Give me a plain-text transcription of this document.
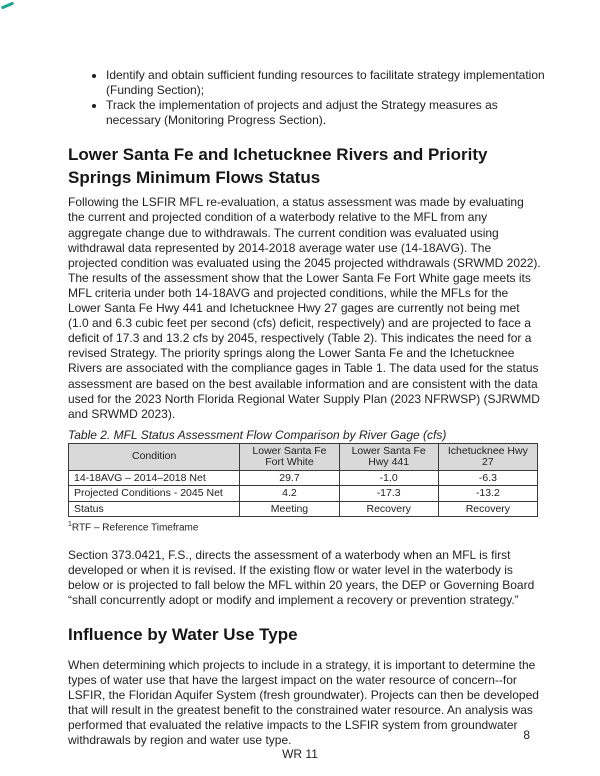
• Identify and obtain sufficient funding resources to facilitate strategy implementation (Funding Section);
• Track the implementation of projects and adjust the Strategy measures as necessary (Monitoring Progress Section).
Lower Santa Fe and Ichetucknee Rivers and Priority Springs Minimum Flows Status

Following the LSFIR MFL re-evaluation, a status assessment was made by evaluating the current and projected condition of a waterbody relative to the MFL from any aggregate change due to withdrawals. The current condition was evaluated using withdrawal data represented by 2014-2018 average water use (14-18AVG). The projected condition was evaluated using the 2045 projected withdrawals (SRWMD 2022). The results of the assessment show that the Lower Santa Fe Fort White gage meets its MFL criteria under both 14-18AVG and projected conditions, while the MFLs for the Lower Santa Fe Hwy 441 and Ichetucknee Hwy 27 gages are currently not being met (1.0 and 6.3 cubic feet per second (cfs) deficit, respectively) and are projected to face a deficit of 17.3 and 13.2 cfs by 2045, respectively (Table 2). This indicates the need for a revised Strategy. The priority springs along the Lower Santa Fe and the Ichetucknee Rivers are associated with the compliance gages in Table 1. The data used for the status assessment are based on the best available information and are consistent with the data used for the 2023 North Florida Regional Water Supply Plan (2023 NFRWSP) (SJRWMD and SRWMD 2023).

Table 2. MFL Status Assessment Flow Comparison by River Gage (cfs)

Condition	Lower Santa Fe Fort White	Lower Santa Fe Hwy 441	Ichetucknee Hwy 27
14-18AVG – 2014–2018 Net	29.7	-1.0	-6.3
Projected Conditions - 2045 Net	4.2	-17.3	-13.2
Status	Meeting	Recovery	Recovery

$^1$RTF – Reference Timeframe

Section 373.0421, F.S., directs the assessment of a waterbody when an MFL is first developed or when it is revised. If the existing flow or water level in the waterbody is below or is projected to fall below the MFL within 20 years, the DEP or Governing Board “shall concurrently adopt or modify and implement a recovery or prevention strategy.”

Influence by Water Use Type

When determining which projects to include in a strategy, it is important to determine the types of water use that have the largest impact on the water resource of concern--for LSFIR, the Floridan Aquifer System (fresh groundwater). Projects can then be developed that will result in the greatest benefit to the constrained water resource. An analysis was performed that evaluated the relative impacts to the LSFIR system from groundwater withdrawals by region and water use type.	8
WR 11
